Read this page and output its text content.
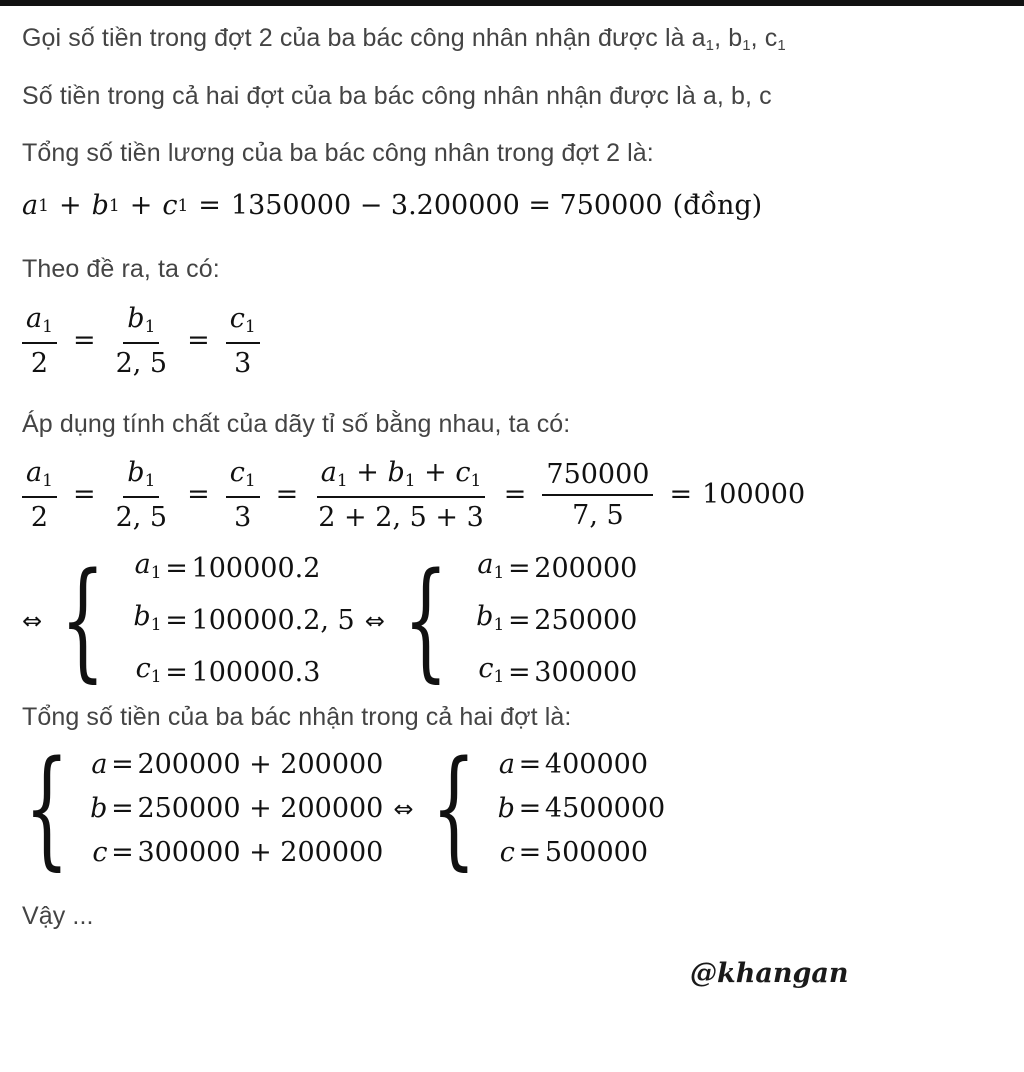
Gọi số tiền trong đợt 2 của ba bác công nhân nhận được là $a_1$, $b_1$, $c_1$
Số tiền trong cả hai đợt của ba bác công nhân nhận được là a, b, c
Tổng số tiền lương của ba bác công nhân trong đợt 2 là:
a 1 + b 1 + c 1 = 1350000 − 3.200000 = 750000 (đồng)
Theo đề ra, ta có:
$\frac{a_1}{2} = \frac{b_1}{2, 5} = \frac{c_1}{3}$
Áp dụng tính chất của dãy tỉ số bằng nhau, ta có:
$\frac{a_1}{2} = \frac{b_1}{2, 5} = \frac{c_1}{3} = \frac{a_1 + b_1 + c_1}{2 + 2, 5 + 3} = \frac{750000}{7, 5} = 100000$
⇔ {	$a_1 = 100000.2$
$b_1 = 100000.2$, 5
$c_1 = 100000.3$
⇔ {	$a_1 = 200000$
$b_1 = 250000$
$c_1 = 300000$
Tổng số tiền của ba bác nhận trong cả hai đợt là:
{ a = 200000 + 200000
b = 250000 + 200000
c = 300000 + 200000
⇔ { a = 400000
b = 4500000
c = 500000
Vậy ...
@khangan
